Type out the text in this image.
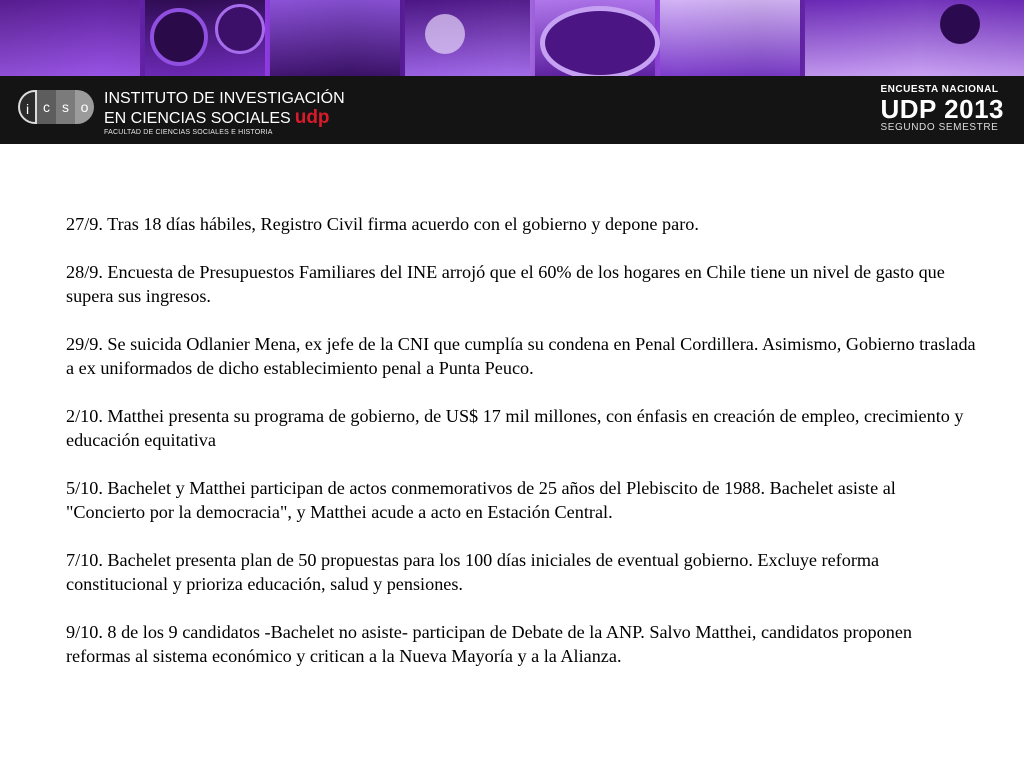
i c s o INSTITUTO DE INVESTIGACIÓN
EN CIENCIAS SOCIALES udp
FACULTAD DE CIENCIAS SOCIALES E HISTORIA
ENCUESTA NACIONAL
UDP 2013
SEGUNDO SEMESTRE

27/9. Tras 18 días hábiles, Registro Civil firma acuerdo con el gobierno y depone paro.

28/9. Encuesta de Presupuestos Familiares del INE arrojó que el 60% de los hogares en Chile tiene un nivel de gasto que supera sus ingresos.

29/9. Se suicida Odlanier Mena, ex jefe de la CNI que cumplía su condena en Penal Cordillera. Asimismo, Gobierno traslada a ex uniformados de dicho establecimiento penal a Punta Peuco.

2/10. Matthei presenta su programa de gobierno, de US$ 17 mil millones, con énfasis en creación de empleo, crecimiento y educación equitativa

5/10. Bachelet y Matthei participan de actos conmemorativos de 25 años del Plebiscito de 1988. Bachelet asiste al "Concierto por la democracia", y Matthei acude a acto en Estación Central.

7/10. Bachelet presenta plan de 50 propuestas para los 100 días iniciales de eventual gobierno. Excluye reforma constitucional y prioriza educación, salud y pensiones.

9/10. 8 de los 9 candidatos -Bachelet no asiste- participan de Debate de la ANP. Salvo Matthei, candidatos proponen reformas al sistema económico y critican a la Nueva Mayoría y a la Alianza.
